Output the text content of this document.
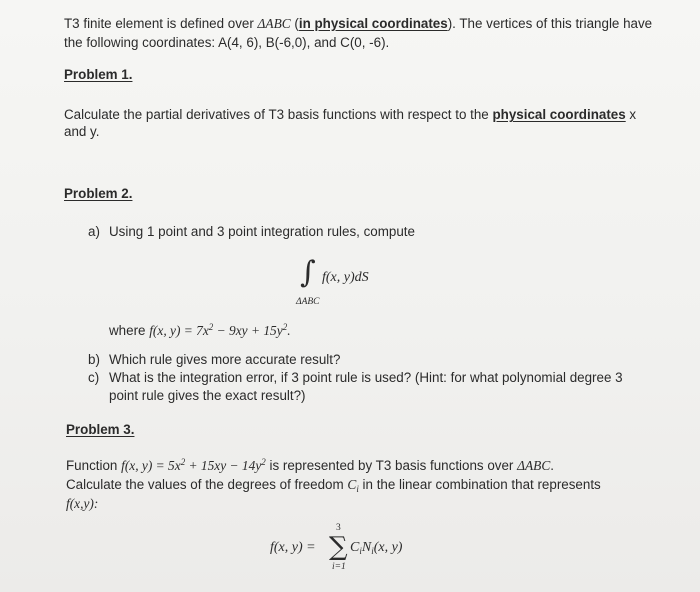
T3 finite element is defined over ΔABC (in physical coordinates). The vertices of this triangle have
the following coordinates: A(4, 6), B(-6,0), and C(0, -6).
Problem 1.
Calculate the partial derivatives of T3 basis functions with respect to the physical coordinates x
and y.
Problem 2.
a) Using 1 point and 3 point integration rules, compute
∫ f(x, y)dS
ΔABC
where f(x, $y) = 7x^2 - 9xy + 15y^2$.
b) Which rule gives more accurate result?
c) What is the integration error, if 3 point rule is used? (Hint: for what polynomial degree 3
point rule gives the exact result?)
Problem 3.
Function f(x, $y) = 5x^2 + 15xy - 14y^2$ is represented by T3 basis functions over ΔABC.
Calculate the values of the degrees of freedom $C_i$ in the linear combination that represents
f(x,y):
f(x, y) =
3
∑
i=1
$C_iN_i(x$, y)
